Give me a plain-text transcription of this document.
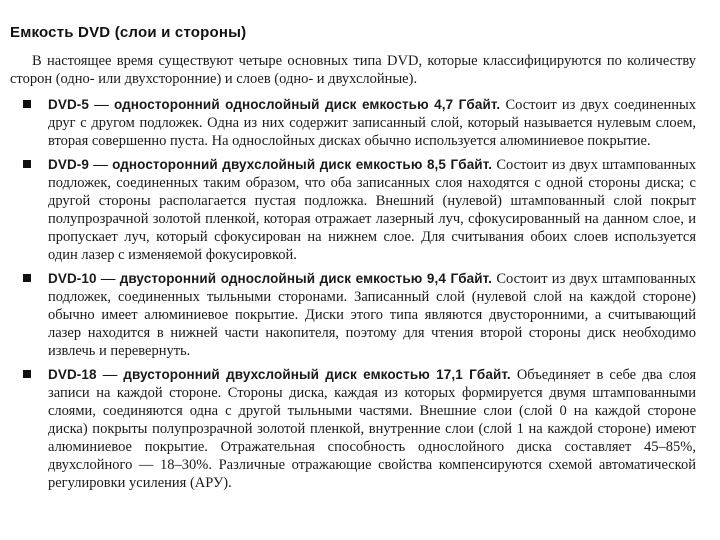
Емкость DVD (слои и стороны)

В настоящее время существуют четыре основных типа DVD, которые классифицируются по количеству сторон (одно- или двухсторонние) и слоев (одно- и двухслойные).

DVD-5 — односторонний однослойный диск емкостью 4,7 Гбайт. Состоит из двух соединенных друг с другом подложек. Одна из них содержит записанный слой, который называется нулевым слоем, вторая совершенно пуста. На однослойных дисках обычно используется алюминиевое покрытие.
DVD-9 — односторонний двухслойный диск емкостью 8,5 Гбайт. Состоит из двух штампованных подложек, соединенных таким образом, что оба записанных слоя находятся с одной стороны диска; с другой стороны располагается пустая подложка. Внешний (нулевой) штампованный слой покрыт полупрозрачной золотой пленкой, которая отражает лазерный луч, сфокусированный на данном слое, и пропускает луч, который сфокусирован на нижнем слое. Для считывания обоих слоев используется один лазер с изменяемой фокусировкой.
DVD-10 — двусторонний однослойный диск емкостью 9,4 Гбайт. Состоит из двух штампованных подложек, соединенных тыльными сторонами. Записанный слой (нулевой слой на каждой стороне) обычно имеет алюминиевое покрытие. Диски этого типа являются двусторонними, а считывающий лазер находится в нижней части накопителя, поэтому для чтения второй стороны диск необходимо извлечь и перевернуть.
DVD-18 — двусторонний двухслойный диск емкостью 17,1 Гбайт. Объединяет в себе два слоя записи на каждой стороне. Стороны диска, каждая из которых формируется двумя штампованными слоями, соединяются одна с другой тыльными частями. Внешние слои (слой 0 на каждой стороне диска) покрыты полупрозрачной золотой пленкой, внутренние слои (слой 1 на каждой стороне) имеют алюминиевое покрытие. Отражательная способность однослойного диска составляет 45–85%, двухслойного — 18–30%. Различные отражающие свойства компенсируются схемой автоматической регулировки усиления (АРУ).
